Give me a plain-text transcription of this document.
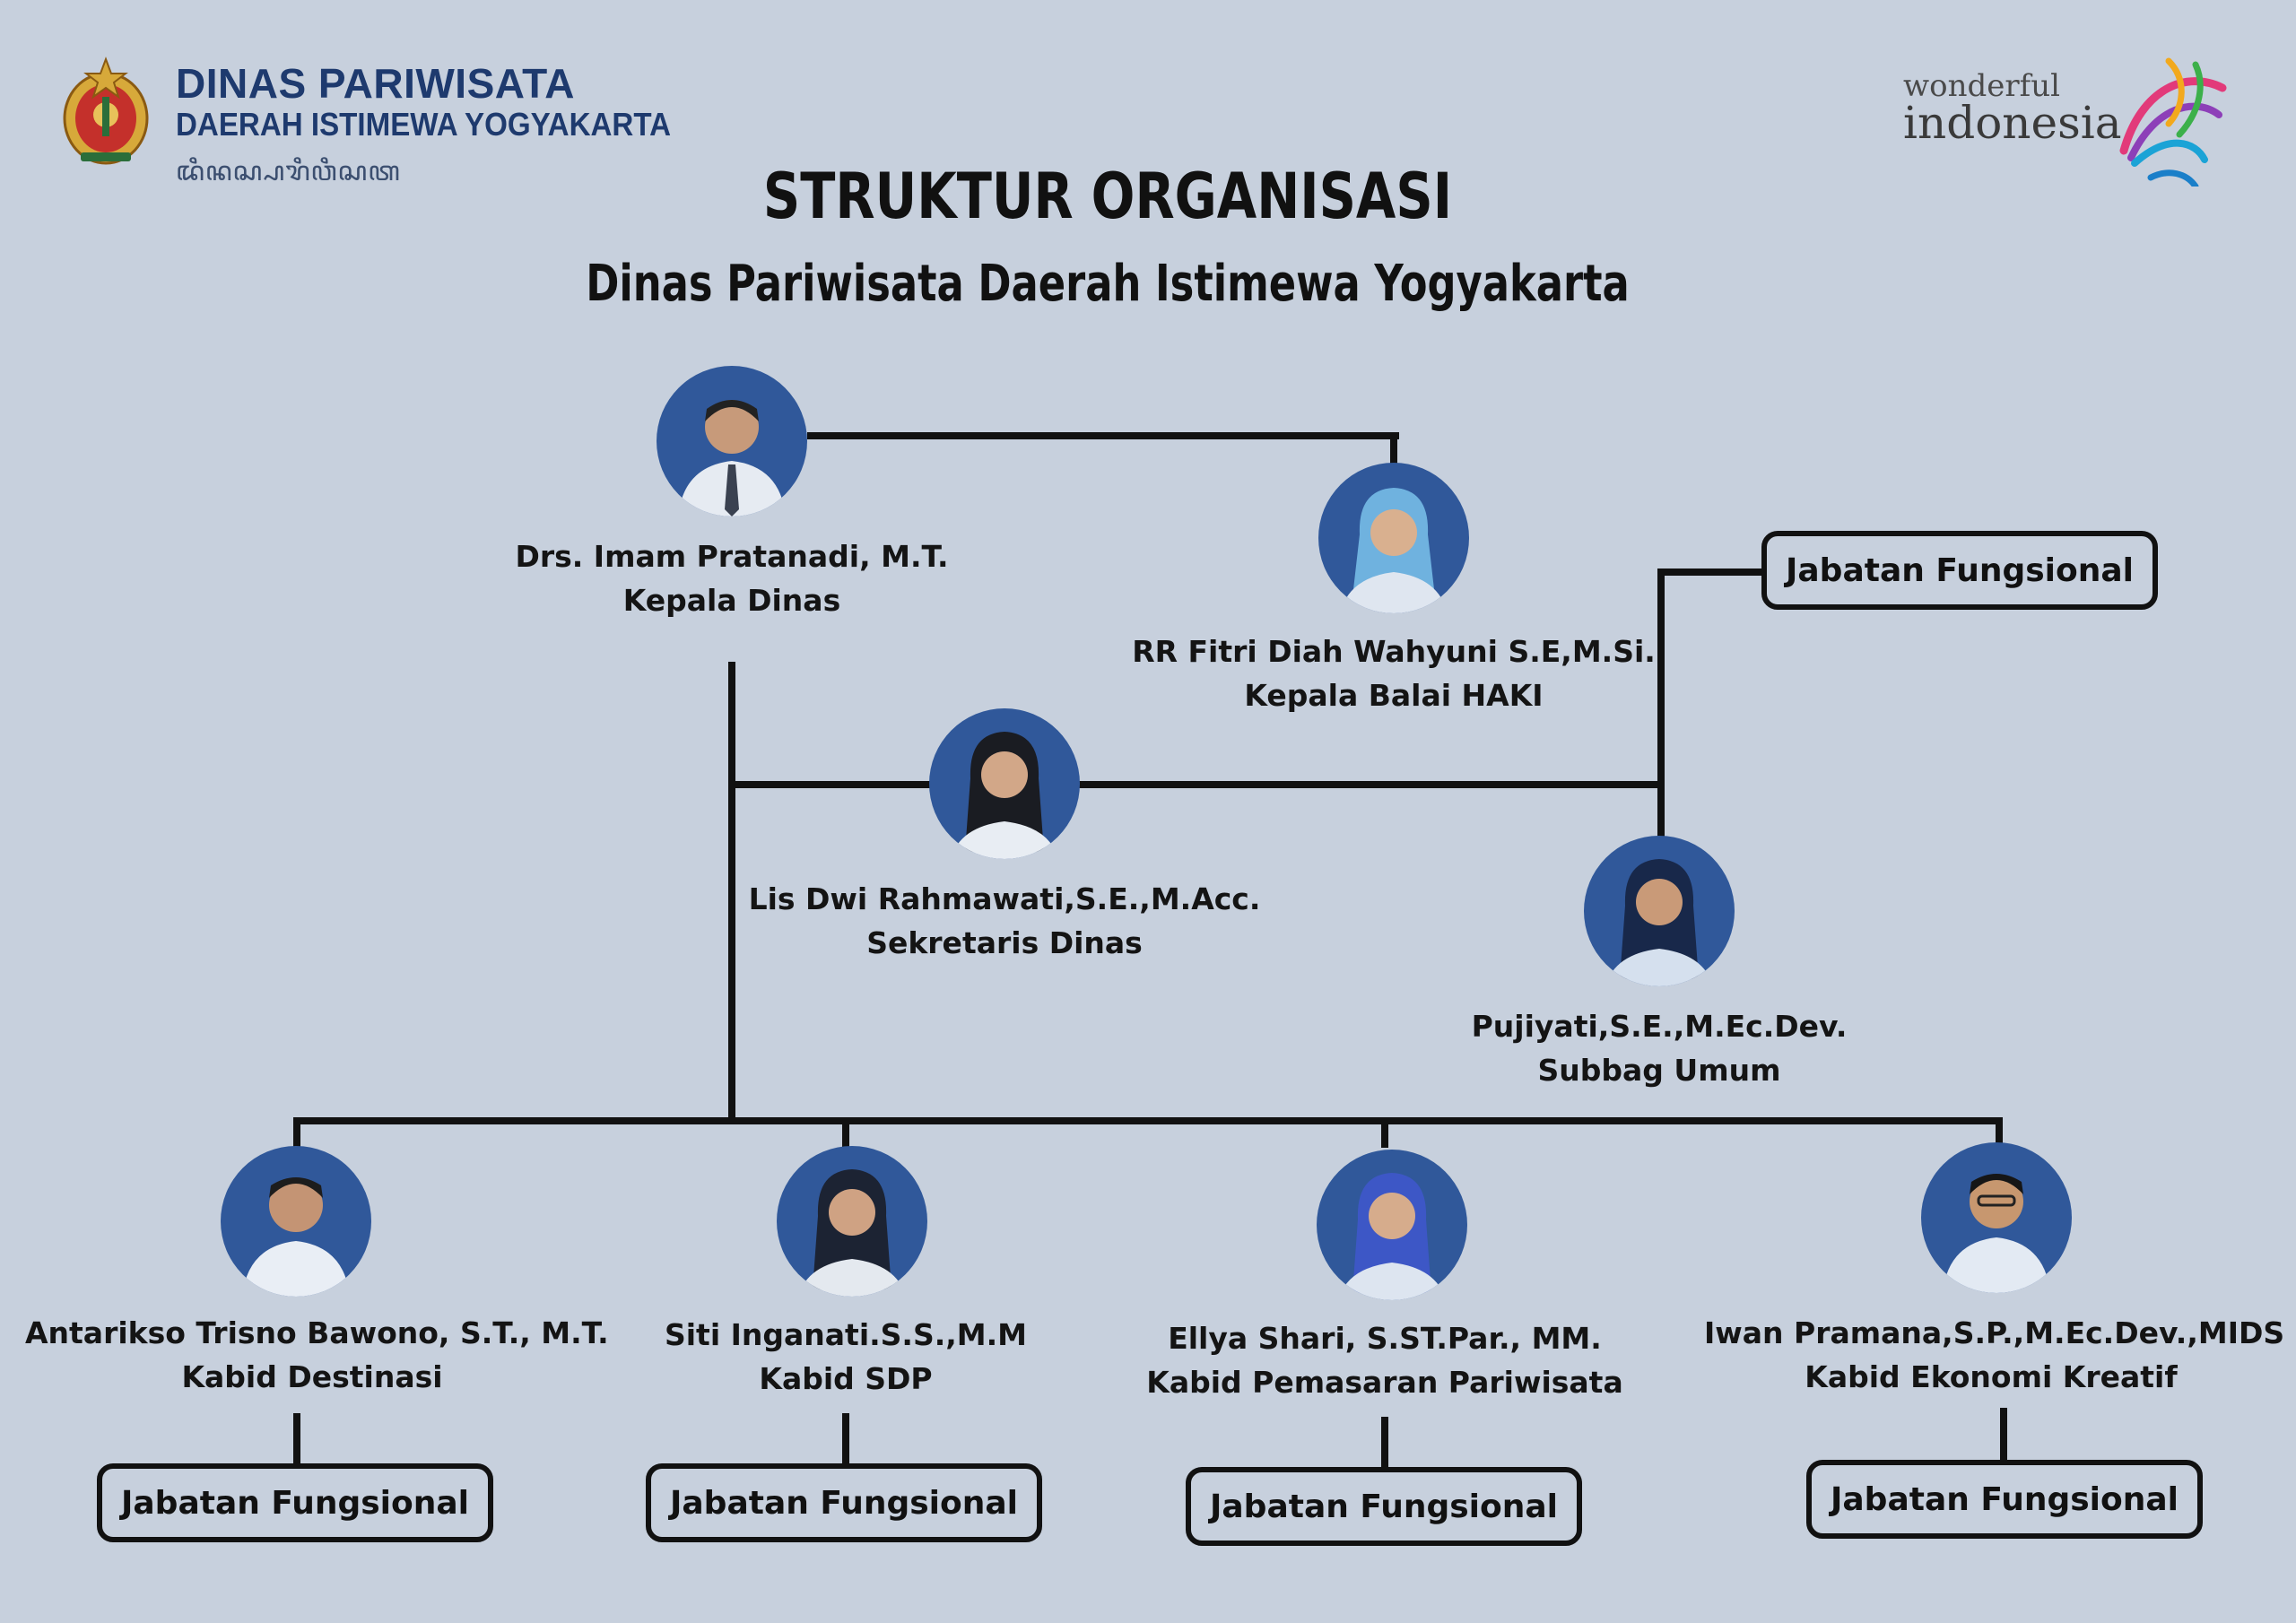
DINAS PARIWISATA
DAERAH ISTIMEWA YOGYAKARTA
ꦢꦶꦤꦱ꧀ꦥꦫꦶꦮꦶꦱꦠ
wonderful
indonesia
STRUKTUR ORGANISASI
Dinas Pariwisata Daerah Istimewa Yogyakarta
Drs. Imam Pratanadi, M.T.
Kepala Dinas
RR Fitri Diah Wahyuni S.E,M.Si.
Kepala Balai HAKI
Lis Dwi Rahmawati,S.E.,M.Acc.
Sekretaris Dinas
Pujiyati,S.E.,M.Ec.Dev.
Subbag Umum
Antarikso Trisno Bawono, S.T., M.T.
Kabid Destinasi
Siti Inganati.S.S.,M.M
Kabid SDP
Ellya Shari, S.ST.Par., MM.
Kabid Pemasaran Pariwisata
Iwan Pramana,S.P.,M.Ec.Dev.,MIDS
Kabid Ekonomi Kreatif
Jabatan Fungsional
Jabatan Fungsional	Jabatan Fungsional	Jabatan Fungsional	Jabatan Fungsional
